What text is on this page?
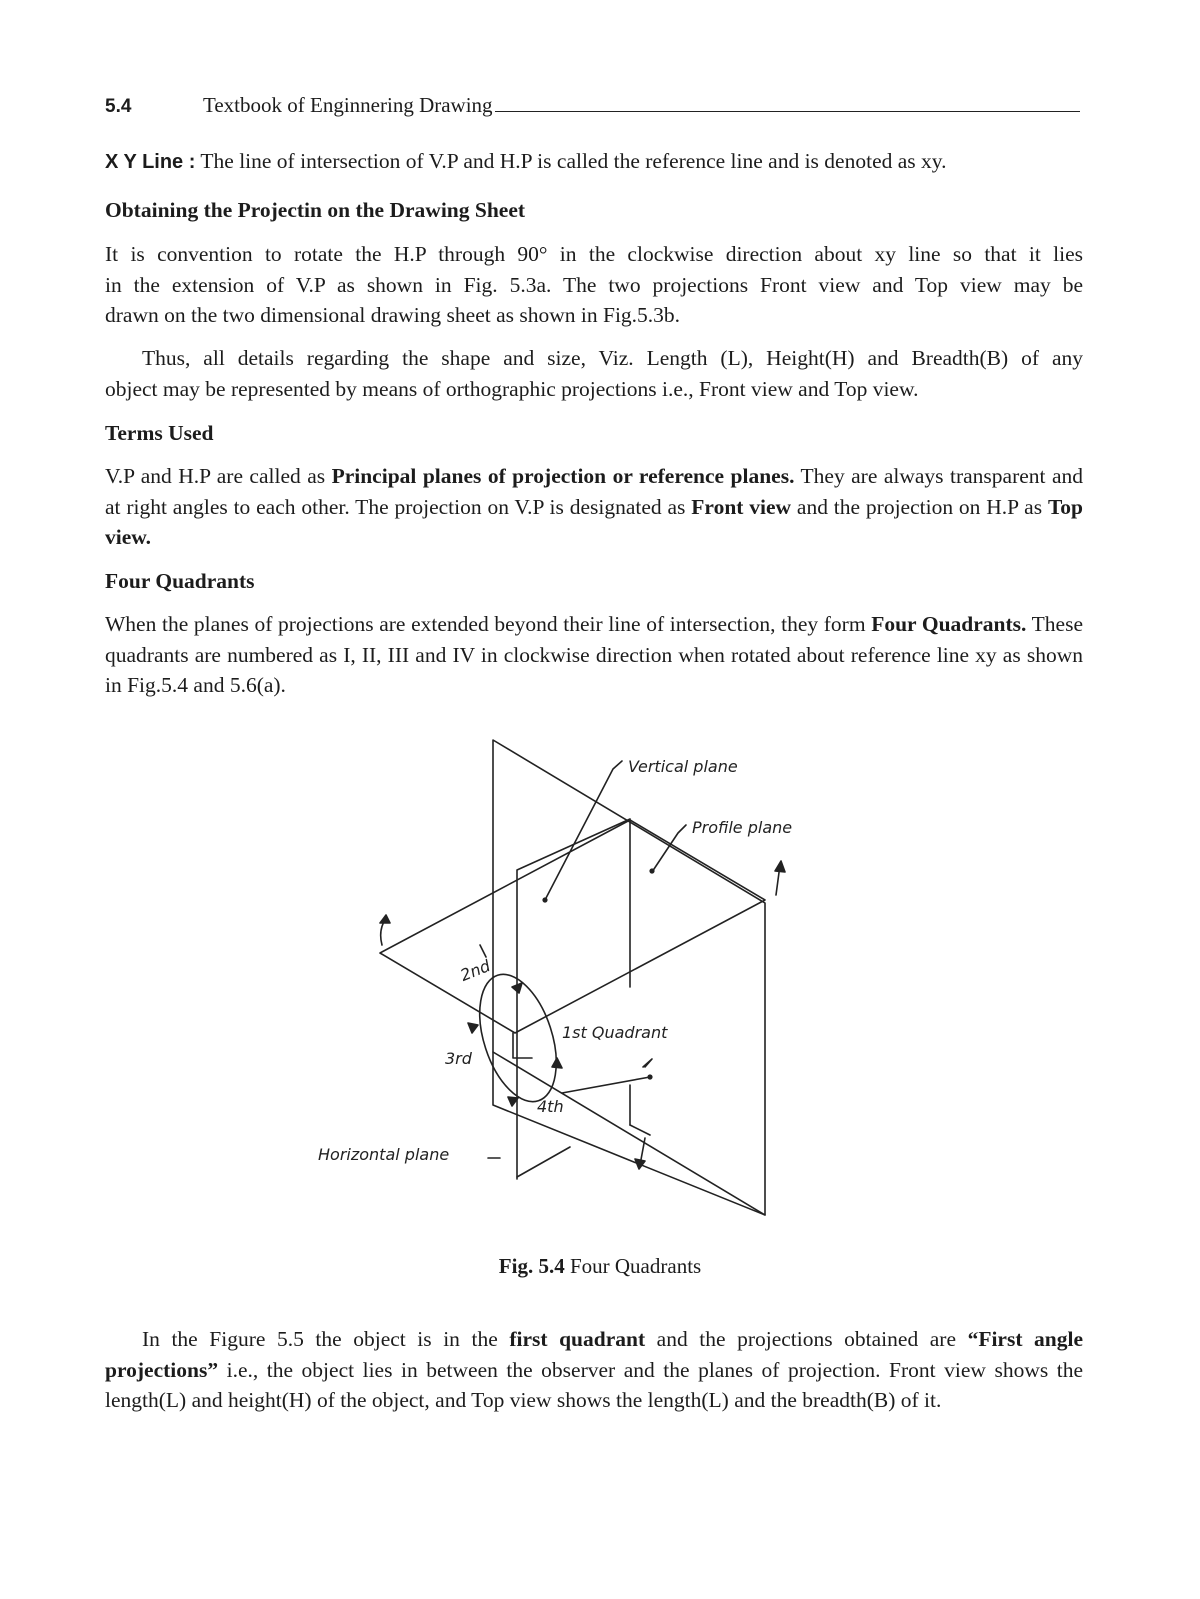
5.4	Textbook of Enginnering Drawing

X Y Line : The line of intersection of V.P and H.P is called the reference line and is denoted as xy.

Obtaining the Projectin on the Drawing Sheet

It is convention to rotate the H.P through 90° in the clockwise direction about xy line so that it lies
in the extension of V.P as shown in Fig. 5.3a. The two projections Front view and Top view may be
drawn on the two dimensional drawing sheet as shown in Fig.5.3b.

Thus, all details regarding the shape and size, Viz. Length (L), Height(H) and Breadth(B) of any
object may be represented by means of orthographic projections i.e., Front view and Top view.

Terms Used

V.P and H.P are called as Principal planes of projection or reference planes. They are always transparent and at right angles to each other. The projection on V.P is designated as Front view and the projection on H.P as Top view.

Four Quadrants

When the planes of projections are extended beyond their line of intersection, they form Four Quadrants. These quadrants are numbered as I, II, III and IV in clockwise direction when rotated about reference line xy as shown in Fig.5.4 and 5.6(a).

Vertical plane
Profile plane
Horizontal plane
1st Quadrant
2nd
3rd
4th
Fig. 5.4 Four Quadrants

In the Figure 5.5 the object is in the first quadrant and the projections obtained are “First angle projections” i.e., the object lies in between the observer and the planes of projection. Front view shows the length(L) and height(H) of the object, and Top view shows the length(L) and the breadth(B) of it.
